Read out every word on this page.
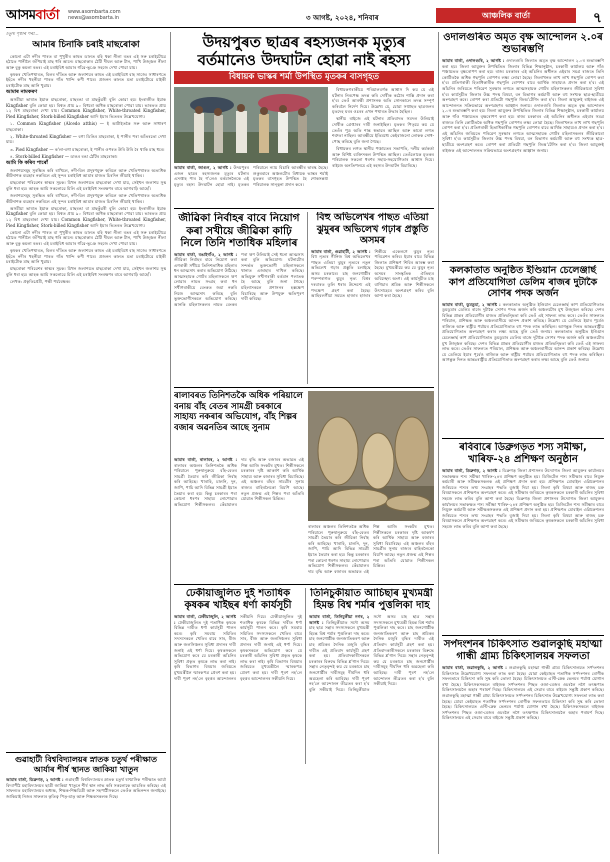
আসমবাৰ্তা www.asombarta.com
news@asombarta.in	৩ আগষ্ট, ২০২৪, শনিবাৰ	আঞ্চলিক বাৰ্তা	৭
চতুৰ্থ পৃষ্ঠাৰ পৰা...
আমাৰ চিনাকি চৰাই মাছৰোকা

কোনো এটা নদীৰ পাৰত বা পুখুৰীৰ কাষত ডালত বহি থকা নীলা ৰঙৰ এই সৰু চৰাইটোৱে হঠাতে পানীলৈ জঁপিয়াই মাছ ধৰি আনে। মাছৰোকাৰ ঠোঁট দীঘল আৰু টান, পাখি উজ্জ্বল নীলা আৰু বুকু কমলা ৰঙৰ। এই চৰাইবিধ আমাৰ গাঁৱে-ভূঞে সহজে দেখা পোৱা যায়।

কৃষকৰ খেতিপথাৰত, বিলৰ দাঁতিত আৰু জলাশয়ৰ কাষত এই চৰাইবিধে বাহ সাজে। সাধাৰণতে ইহঁতে নদীৰ খহনীয়া পাৰত গাঁত খান্দি কণী পাৰে। প্ৰজনন কালত মতা চৰাইটোৱে মাইকী চৰাইটোক মাছ আনি খুৱায়।

আমাৰ নামকৰণ

অসমীয়া ভাষাত ইয়াক মাছৰোকা, মাছৰঙা বা মাছকুঁৱৰী বুলি কোৱা হয়। ইংৰাজীত ইয়াক Kingfisher বুলি কোৱা হয়। বিশ্বত প্ৰায় ৯০ বিধৰো অধিক মাছৰোকা পোৱা যায়। ভাৰতত প্ৰায় ১২ বিধ মাছৰোকা দেখা যায়। Common Kingfisher, White-throated Kingfisher, Pied Kingfisher, Stork-billed Kingfisher আদি ইয়াৰ ভিতৰত উল্লেখযোগ্য।

১. Common Kingfisher (Alcedo atthis) — ই আটাইতকৈ সৰু আৰু সাধাৰণ মাছৰোকা।

২. White-throated Kingfisher — বগা ডিঙিৰ মাছৰোকা, ই পানীৰ পৰা আঁতৰতো দেখা যায়।

৩. Pied Kingfisher — ক'লা-বগা মাছৰোকা, ই পানীৰ ওপৰত উৰি উৰি ৰৈ থাকি মাছ ধৰে।

৪. Stork-billed Kingfisher — ডাঙৰ ৰঙা ঠোঁটৰ মাছৰোকা।

আমি কি কৰিব পাৰোঁ

জলাশয়সমূহ সুৰক্ষিত কৰি ৰাখিলে, নদী-বিল প্ৰদূষণমুক্ত কৰিলে আৰু খেতিপথাৰত অত্যধিক কীটনাশক ব্যৱহাৰ নকৰিলে এই সুন্দৰ চৰাইবিধ আমাৰ মাজত চিৰদিন জীয়াই থাকিব।

মাছৰোকা পৰিৱেশৰ স্বাস্থ্যৰ সূচক। যিখন জলাশয়ত মাছৰোকা দেখা যায়, সেইখন জলাশয় সুস্থ বুলি ধৰা হয়। আহক আমি সকলোৱে মিলি এই চৰাইবিধ সংৰক্ষণৰ বাবে আগবাঢ়ি আহোঁ।

জলাশয়সমূহ সুৰক্ষিত কৰি ৰাখিলে, নদী-বিল প্ৰদূষণমুক্ত কৰিলে আৰু খেতিপথাৰত অত্যধিক কীটনাশক ব্যৱহাৰ নকৰিলে এই সুন্দৰ চৰাইবিধ আমাৰ মাজত চিৰদিন জীয়াই থাকিব।

অসমীয়া ভাষাত ইয়াক মাছৰোকা, মাছৰঙা বা মাছকুঁৱৰী বুলি কোৱা হয়। ইংৰাজীত ইয়াক Kingfisher বুলি কোৱা হয়। বিশ্বত প্ৰায় ৯০ বিধৰো অধিক মাছৰোকা পোৱা যায়। ভাৰতত প্ৰায় ১২ বিধ মাছৰোকা দেখা যায়। Common Kingfisher, White-throated Kingfisher, Pied Kingfisher, Stork-billed Kingfisher আদি ইয়াৰ ভিতৰত উল্লেখযোগ্য।

কোনো এটা নদীৰ পাৰত বা পুখুৰীৰ কাষত ডালত বহি থকা নীলা ৰঙৰ এই সৰু চৰাইটোৱে হঠাতে পানীলৈ জঁপিয়াই মাছ ধৰি আনে। মাছৰোকাৰ ঠোঁট দীঘল আৰু টান, পাখি উজ্জ্বল নীলা আৰু বুকু কমলা ৰঙৰ। এই চৰাইবিধ আমাৰ গাঁৱে-ভূঞে সহজে দেখা পোৱা যায়।

কৃষকৰ খেতিপথাৰত, বিলৰ দাঁতিত আৰু জলাশয়ৰ কাষত এই চৰাইবিধে বাহ সাজে। সাধাৰণতে ইহঁতে নদীৰ খহনীয়া পাৰত গাঁত খান্দি কণী পাৰে। প্ৰজনন কালত মতা চৰাইটোৱে মাইকী চৰাইটোক মাছ আনি খুৱায়।

মাছৰোকা পৰিৱেশৰ স্বাস্থ্যৰ সূচক। যিখন জলাশয়ত মাছৰোকা দেখা যায়, সেইখন জলাশয় সুস্থ বুলি ধৰা হয়। আহক আমি সকলোৱে মিলি এই চৰাইবিধ সংৰক্ষণৰ বাবে আগবাঢ়ি আহোঁ।

লেখক: প্ৰকৃতিপ্ৰেমী, পক্ষী পৰ্যবেক্ষক।

গুৱাহাটী বিশ্ববিদ্যালয়ৰ স্নাতক চতুৰ্থ পৰীক্ষাত আৰ্যাৰ শীৰ্ষ স্থানত জাকিয়া খাতুন
আমাৰ বাৰ্তা, ডিব্ৰুগড়, ২ আগষ্ট : গুৱাহাটী বিশ্ববিদ্যালয়ৰ স্নাতক চতুৰ্থ ষাণ্মাসিক পৰীক্ষাত আৰ্যা বিদ্যাপীঠ মহাবিদ্যালয়ৰ ছাত্ৰী জাকিয়া খাতুনে শীৰ্ষ স্থান লাভ কৰি সকলোকে আচৰিত কৰিছে। এই সাফল্যত মহাবিদ্যালয়ৰ অধ্যক্ষ, শিক্ষক-শিক্ষয়িত্ৰী আৰু সহপাঠীসকলে তেওঁক অভিনন্দন জনাইছে। জাকিয়াই নিজৰ সাফল্যৰ কৃতিত্ব পিতৃ-মাতৃ আৰু শিক্ষকসকলক দিছে।
উদয়পুৰত ছাত্ৰৰ ৰহস্যজনক মৃত্যুৰ বৰ্তমানেও উদঘাটন হোৱা নাই ৰহস্য
বিধায়ক ভাস্কৰ শৰ্মা উপস্থিত মৃতকৰ বাসগৃহত

বিধায়কগৰাকীয়ে পৰিয়ালবৰ্গক আশ্বাস দি কয় যে এই ঘটনাৰ নিৰপেক্ষ তদন্ত কৰি দোষীক কঠোৰ শাস্তি প্ৰদান কৰা হ'ব। তেওঁ আৰক্ষী প্ৰশাসনক অতি সোনকালে তদন্ত সম্পূৰ্ণ কৰিবলৈ নিৰ্দেশ দিয়ে। উল্লেখ্য যে, যোৱা সপ্তাহত ছাত্ৰজনৰ মৃতদেহ ঘৰৰ ওচৰৰ এখন পথাৰত উদ্ধাৰ হৈছিল।

স্থানীয় ৰাইজে এই ঘটনাৰ প্ৰতিবাদত সমদল উলিয়াই দোষীক গ্ৰেপ্তাৰৰ দাবী জনাইছিল। মৃতকৰ পিতৃয়ে কয় যে তেওঁৰ পুত্ৰ অতি শান্ত স্বভাৱৰ আছিল আৰু কাৰো লগত শত্ৰুতা নাছিল। আৰক্ষীয়ে ইতিমধ্যে কেইবাজনো লোকক সোধ-পোছ কৰিছে বুলি জনা গৈছে।

বিধায়কৰ লগত স্থানীয় পঞ্চায়তৰ সভাপতি, দলীয় কৰ্মকৰ্তা আৰু বিশিষ্ট ব্যক্তিসকল উপস্থিত আছিল। তেওঁলোকে মৃতকৰ পৰিয়ালক সকলো ধৰণৰ সহায়-সহযোগিতাৰ আশ্বাস দিয়ে। ৰাইজে অনতিপলমে এই ৰহস্যৰ উদঘাটন বিচাৰিছে।

আমাৰ বাৰ্তা, জাগুন, ২ আগষ্ট : উদয়পুৰৰ এজন ছাত্ৰৰ ৰহস্যজনক মৃত্যুৰ ঘটনাৰ এসপ্তাহ পাৰ হৈ গ'লেও বৰ্তমানলৈকে এই মৃত্যুৰ ৰহস্য উদঘাটন হোৱা নাই। মৃতকৰ পৰিয়ালে ন্যায় বিচাৰি আৰক্ষীৰ দ্বাৰস্থ হৈছে। শুকুৰবাৰে অঞ্চলটোৰ বিধায়ক ভাস্কৰ শৰ্মাই মৃতকৰ বাসগৃহত উপস্থিত হৈ শোকসন্তপ্ত পৰিয়ালক সান্ত্বনা প্ৰদান কৰে।
জীৱিকা নিৰ্বাহৰ বাবে নিয়োগ কৰা সখীয়ে জীৱিকা কাঢ়ি নিলে তিনি শতাধিক মহিলাৰ
আমাৰ বাৰ্তা, বঙাইগাঁও, ২ আগষ্ট : জীৱিকা নিৰ্বাহৰ বাবে নিয়োগ কৰা এগৰাকী সখীয়ে তিনিশতাধিক মহিলাৰ ধন আত্মসাৎ কৰাৰ অভিযোগ উঠিছে। আত্মসহায়ক গোটৰ মহিলাসকলে ঋণ লোৱাৰ নামত সংগ্ৰহ কৰা ধন সখীগৰাকীয়ে বেংকত জমা নকৰি নিজে আত্মসাৎ কৰিছে বুলি ভুক্তভোগীসকলে অভিযোগ কৰিছে। আনকি মহিলাসকলৰ নামত বেংকৰ পৰা ঋণ উলিয়াই সেই ধনো আত্মসাৎ কৰা বুলি অভিযোগ। ঘটনাটোৰ সন্দৰ্ভত ভুক্তভোগী মহিলাসকলে থানাত এজাহাৰ দাখিল কৰিছে। অভিযুক্ত সখীগৰাকী বৰ্তমান পলাতক হৈ আছে বুলি জনা গৈছে। মহিলাসকলে প্ৰশাসনৰ হস্তক্ষেপ বিচাৰিছে আৰু উপযুক্ত ক্ষতিপূৰণ দাবী কৰিছে।
বিহু অভিলেখৰ পাছত এতিয়া ঝুমুৰৰ অভিলেখ গঢ়াৰ প্ৰস্তুতি অসমৰ
আমাৰ বাৰ্তা, গুৱাহাটী, ২ আগষ্ট : বিহু নৃত্যৰ গীনিজ বিশ্ব অভিলেখৰ পাছত এতিয়া ঝুমুৰ নৃত্যৰে নতুন অভিলেখ গঢ়াৰ প্ৰস্তুতি চলাইছে অসম চৰকাৰে। চাহ জনগোষ্ঠীৰ পৰম্পৰাগত ঝুমুৰ নৃত্য বিশ্বৰ দৰবাৰত তুলি ধৰাৰ উদ্দেশ্যে এই পদক্ষেপ গ্ৰহণ কৰা হৈছে। আহিবলগীয়া সময়ত হাজাৰ হাজাৰ শিল্পীয়ে একেলগে ঝুমুৰ নৃত্য পৰিৱেশন কৰিব। ইয়াৰ বাবে বিভিন্ন জিলাত প্ৰশিক্ষণ শিবিৰ আৰম্ভ কৰা হৈছে। মুখ্যমন্ত্ৰীয়ে কয় যে ঝুমুৰ নৃত্য অসমৰ সাংস্কৃতিক ঐতিহ্যৰ অবিচ্ছেদ্য অংগ। এই কাৰ্যসূচীত চাহ বাগিচাৰ শ্ৰমিক আৰু শিল্পীসকলে উৎসাহেৰে অংশগ্ৰহণ কৰিব বুলি আশা কৰা হৈছে।
ৰালাবৰত তিনিশতকৈ অধিক পৰিয়ালে বনায় বাঁহ বেতৰ সামগ্ৰী চৰকাৰে সাহায্য নকৰাৰ অভিযোগ, বাঁহ শিল্পৰ বজাৰ অৱনতিৰ আছে সুনাম
আমাৰ বাৰ্তা, ৰালাবৰ, ২ আগষ্ট : ৰালাবৰ অঞ্চলৰ তিনিশতকৈ অধিক পৰিয়ালে পুৰুষানুক্ৰমে বাঁহ-বেতৰ সামগ্ৰী তৈয়াৰ কৰি জীৱিকা নিৰ্বাহ কৰি আহিছে। খাৰাহি, চালনি, দুন, জাপি, পাচি আদি বিভিন্ন সামগ্ৰী ইয়াত তৈয়াৰ কৰা হয়। কিন্তু চৰকাৰৰ পৰা কোনো ধৰণৰ সাহায্য নোপোৱাৰ অভিযোগ শিল্পীসকলৰ। কেঁচামালৰ দাম বৃদ্ধি আৰু বজাৰৰ অভাৱত এই শিল্প আজি সংকটৰ মুখত। শিল্পীসকলে চৰকাৰৰ দৃষ্টি আকৰ্ষণ কৰি আৰ্থিক সাহায্য আৰু বজাৰৰ সুবিধা বিচাৰিছে। এই অঞ্চলৰ বাঁহৰ সামগ্ৰীৰ সুনাম ৰাজ্যৰ বাহিৰলৈকো বিয়পি আছে। নতুন প্ৰজন্ম এই শিল্পৰ পৰা আঁতৰি যোৱাত শিল্পীসকল চিন্তিত।
ৰালাবৰ অঞ্চলৰ তিনিশতকৈ অধিক পৰিয়ালে পুৰুষানুক্ৰমে বাঁহ-বেতৰ সামগ্ৰী তৈয়াৰ কৰি জীৱিকা নিৰ্বাহ কৰি আহিছে। খাৰাহি, চালনি, দুন, জাপি, পাচি আদি বিভিন্ন সামগ্ৰী ইয়াত তৈয়াৰ কৰা হয়। কিন্তু চৰকাৰৰ পৰা কোনো ধৰণৰ সাহায্য নোপোৱাৰ অভিযোগ শিল্পীসকলৰ। কেঁচামালৰ দাম বৃদ্ধি আৰু বজাৰৰ অভাৱত এই শিল্প আজি সংকটৰ মুখত। শিল্পীসকলে চৰকাৰৰ দৃষ্টি আকৰ্ষণ কৰি আৰ্থিক সাহায্য আৰু বজাৰৰ সুবিধা বিচাৰিছে। এই অঞ্চলৰ বাঁহৰ সামগ্ৰীৰ সুনাম ৰাজ্যৰ বাহিৰলৈকো বিয়পি আছে। নতুন প্ৰজন্ম এই শিল্পৰ পৰা আঁতৰি যোৱাত শিল্পীসকল চিন্তিত।
ঢেকীয়াজুলিত দুই শতাধিক কৃষকৰ খাইছৰ ধৰ্ণা কাৰ্যসূচী
আমাৰ বাৰ্তা, ঢেকীয়াজুলি, ২ আগষ্ট : ঢেকীয়াজুলিত দুই শতাধিক কৃষকে বিভিন্ন দাবীত ধৰ্ণা কাৰ্যসূচী পালন কৰে। কৃষি সমবায় সমিতিৰ সদস্যসকলে খেতিৰ বাবে সাৰ, বীজ আৰু জলসিঞ্চনৰ সুবিধা প্ৰদানৰ দাবী জনাই এই ধৰ্ণা দিয়ে। কৃষকসকলে অভিযোগ কৰে যে চৰকাৰী আঁচনিৰ সুবিধা প্ৰকৃত কৃষকে লাভ কৰা নাই। কৃষি বিভাগৰ বিষয়াৰ জৰিয়তে মুখ্যমন্ত্ৰীলৈ স্মাৰকপত্ৰ প্ৰেৰণ কৰা হয়। দাবী পূৰণ নহ'লে বৃহত্তৰ আন্দোলনৰ সকীয়নি দিয়ে। ঢেকীয়াজুলিত দুই শতাধিক কৃষকে বিভিন্ন দাবীত ধৰ্ণা কাৰ্যসূচী পালন কৰে। কৃষি সমবায় সমিতিৰ সদস্যসকলে খেতিৰ বাবে সাৰ, বীজ আৰু জলসিঞ্চনৰ সুবিধা প্ৰদানৰ দাবী জনাই এই ধৰ্ণা দিয়ে। কৃষকসকলে অভিযোগ কৰে যে চৰকাৰী আঁচনিৰ সুবিধা প্ৰকৃত কৃষকে লাভ কৰা নাই। কৃষি বিভাগৰ বিষয়াৰ জৰিয়তে মুখ্যমন্ত্ৰীলৈ স্মাৰকপত্ৰ প্ৰেৰণ কৰা হয়। দাবী পূৰণ নহ'লে বৃহত্তৰ আন্দোলনৰ সকীয়নি দিয়ে।
তিনিচুকীয়াত আচিছাৰ মুখ্যমন্ত্ৰী হিমন্ত বিশ্ব শৰ্মাৰ পুত্তলিকা দাহ
আমাৰ বাৰ্তা, তিনিচুকীয়া নগৰ, ২ আগষ্ট : তিনিচুকীয়াত সদৌ অসম চাহ ছাত্ৰ সন্থাৰ সদস্যসকলে মুখ্যমন্ত্ৰী হিমন্ত বিশ্ব শৰ্মাৰ পুত্তলিকা দাহ কৰে। চাহ জনগোষ্ঠীক জনজাতিকৰণ আৰু চাহ শ্ৰমিকৰ দৈনিক মজুৰি বৃদ্ধিৰ দাবীত এই প্ৰতিবাদ কাৰ্যসূচী গ্ৰহণ কৰা হয়। প্ৰতিবাদকাৰীসকলে চৰকাৰৰ বিৰুদ্ধে বিভিন্ন শ্ল'গান দিয়ে। সন্থাৰ নেতৃবৃন্দই কয় যে চৰকাৰে চাহ জনগোষ্ঠীৰ দাবীসমূহ দীৰ্ঘদিন ধৰি অৱহেলা কৰি আহিছে। দাবী পূৰণ নহ'লে আন্দোলন তীব্ৰতৰ কৰা হ'ব বুলি সকীয়াই দিয়ে। তিনিচুকীয়াত সদৌ অসম চাহ ছাত্ৰ সন্থাৰ সদস্যসকলে মুখ্যমন্ত্ৰী হিমন্ত বিশ্ব শৰ্মাৰ পুত্তলিকা দাহ কৰে। চাহ জনগোষ্ঠীক জনজাতিকৰণ আৰু চাহ শ্ৰমিকৰ দৈনিক মজুৰি বৃদ্ধিৰ দাবীত এই প্ৰতিবাদ কাৰ্যসূচী গ্ৰহণ কৰা হয়। প্ৰতিবাদকাৰীসকলে চৰকাৰৰ বিৰুদ্ধে বিভিন্ন শ্ল'গান দিয়ে। সন্থাৰ নেতৃবৃন্দই কয় যে চৰকাৰে চাহ জনগোষ্ঠীৰ দাবীসমূহ দীৰ্ঘদিন ধৰি অৱহেলা কৰি আহিছে। দাবী পূৰণ নহ'লে আন্দোলন তীব্ৰতৰ কৰা হ'ব বুলি সকীয়াই দিয়ে।
ওদালগুৰিত অমৃত বৃক্ষ আন্দোলন ২.০ৰ শুভাৰম্ভণি
আমাৰ বাৰ্তা, ওদালগুৰি, ২ আগষ্ট : ওদালগুৰি জিলাত অমৃত বৃক্ষ আন্দোলন ২.০ৰ শুভাৰম্ভণি কৰা হয়। জিলা আয়ুক্তৰ উপস্থিতিত জিলাৰ বিভিন্ন শিক্ষানুষ্ঠান, চৰকাৰী কাৰ্যালয় আৰু গাঁও পঞ্চায়তত বৃক্ষৰোপণ কৰা হয়। ৰাজ্য চৰকাৰৰ এই আঁচনিৰ অধীনত এইবাৰ সমগ্ৰ ৰাজ্যত তিনি কোটিতকৈ অধিক গছপুলি ৰোপণৰ লক্ষ্য লোৱা হৈছে। জিলাখনত লাখ লাখ গছপুলি ৰোপণ কৰা হ'ব। প্ৰতিগৰাকী হিতাধিকাৰীক গছপুলি ৰোপণৰ বাবে আৰ্থিক সাহায্যও প্ৰদান কৰা হ'ব। এই আঁচনিৰ জৰিয়তে পৰিৱেশ সুৰক্ষাৰ লগতে আত্মসহায়ক গোটৰ মহিলাসকলৰ জীৱিকাৰো সুবিধা হ'ব। কাৰ্যসূচীত জিলাৰ উচ্চ পদস্থ বিষয়া, বন বিভাগৰ কৰ্মচাৰী আৰু বহু সংখ্যক ছাত্ৰ-ছাত্ৰীয়ে অংশগ্ৰহণ কৰে। ৰোপণ কৰা প্ৰতিটো গছপুলি জিঅ'টেগিং কৰা হ'ব। জিলা আয়ুক্তই ৰাইজক এই আন্দোলনত সক্ৰিয়ভাৱে অংশগ্ৰহণৰ আহ্বান জনায়। ওদালগুৰি জিলাত অমৃত বৃক্ষ আন্দোলন ২.০ৰ শুভাৰম্ভণি কৰা হয়। জিলা আয়ুক্তৰ উপস্থিতিত জিলাৰ বিভিন্ন শিক্ষানুষ্ঠান, চৰকাৰী কাৰ্যালয় আৰু গাঁও পঞ্চায়তত বৃক্ষৰোপণ কৰা হয়। ৰাজ্য চৰকাৰৰ এই আঁচনিৰ অধীনত এইবাৰ সমগ্ৰ ৰাজ্যত তিনি কোটিতকৈ অধিক গছপুলি ৰোপণৰ লক্ষ্য লোৱা হৈছে। জিলাখনত লাখ লাখ গছপুলি ৰোপণ কৰা হ'ব। প্ৰতিগৰাকী হিতাধিকাৰীক গছপুলি ৰোপণৰ বাবে আৰ্থিক সাহায্যও প্ৰদান কৰা হ'ব। এই আঁচনিৰ জৰিয়তে পৰিৱেশ সুৰক্ষাৰ লগতে আত্মসহায়ক গোটৰ মহিলাসকলৰ জীৱিকাৰো সুবিধা হ'ব। কাৰ্যসূচীত জিলাৰ উচ্চ পদস্থ বিষয়া, বন বিভাগৰ কৰ্মচাৰী আৰু বহু সংখ্যক ছাত্ৰ-ছাত্ৰীয়ে অংশগ্ৰহণ কৰে। ৰোপণ কৰা প্ৰতিটো গছপুলি জিঅ'টেগিং কৰা হ'ব। জিলা আয়ুক্তই ৰাইজক এই আন্দোলনত সক্ৰিয়ভাৱে অংশগ্ৰহণৰ আহ্বান জনায়।
কলকাতাত অনুষ্ঠিত ইণ্ডিয়ান চেলেঞ্জাৰ্ছ কাপ প্ৰতিযোগিতা ডেলিম ৰাজৰ দুটাকৈ সোণৰ পদক অৰ্জন
আমাৰ বাৰ্তা, ডুমডুমা, ২ আগষ্ট : কলকাতাত অনুষ্ঠিত ইণ্ডিয়ান চেলেঞ্জাৰ্ছ কাপ প্ৰতিযোগিতাত ডুমডুমাৰ ডেলিম ৰাজে দুটাকৈ সোণৰ পদক অৰ্জন কৰি অঞ্চলটোৰ মুখ উজ্জ্বল কৰিছে। দেশৰ বিভিন্ন প্ৰান্তৰ প্ৰতিযোগীৰ মাজত প্ৰতিদ্বন্দ্বিতা কৰি তেওঁ এই সাফল্য লাভ কৰে। তেওঁৰ সাফল্যত পৰিয়াল, প্ৰশিক্ষক আৰু অঞ্চলবাসীয়ে আনন্দ প্ৰকাশ কৰিছে। উল্লেখ্য যে ডেলিমে ইয়াৰ পূৰ্বেও ৰাজ্যিক আৰু ৰাষ্ট্ৰীয় পৰ্যায়ৰ প্ৰতিযোগিতাত বহু পদক লাভ কৰিছিল। আগন্তুক দিনত আন্তঃৰাষ্ট্ৰীয় প্ৰতিযোগিতাত অংশগ্ৰহণ কৰাৰ লক্ষ্য আছে বুলি তেওঁ জনায়। কলকাতাত অনুষ্ঠিত ইণ্ডিয়ান চেলেঞ্জাৰ্ছ কাপ প্ৰতিযোগিতাত ডুমডুমাৰ ডেলিম ৰাজে দুটাকৈ সোণৰ পদক অৰ্জন কৰি অঞ্চলটোৰ মুখ উজ্জ্বল কৰিছে। দেশৰ বিভিন্ন প্ৰান্তৰ প্ৰতিযোগীৰ মাজত প্ৰতিদ্বন্দ্বিতা কৰি তেওঁ এই সাফল্য লাভ কৰে। তেওঁৰ সাফল্যত পৰিয়াল, প্ৰশিক্ষক আৰু অঞ্চলবাসীয়ে আনন্দ প্ৰকাশ কৰিছে। উল্লেখ্য যে ডেলিমে ইয়াৰ পূৰ্বেও ৰাজ্যিক আৰু ৰাষ্ট্ৰীয় পৰ্যায়ৰ প্ৰতিযোগিতাত বহু পদক লাভ কৰিছিল। আগন্তুক দিনত আন্তঃৰাষ্ট্ৰীয় প্ৰতিযোগিতাত অংশগ্ৰহণ কৰাৰ লক্ষ্য আছে বুলি তেওঁ জনায়।
ৰবিবাৰে ডিব্ৰুগড়ত শস্য সমীক্ষা, খাৰিফ-২৪ প্ৰশিক্ষণ অনুষ্ঠান
আমাৰ বাৰ্তা, ডিব্ৰুগড়, ২ আগষ্ট : ডিব্ৰুগড় জিলা প্ৰশাসনৰ উদ্যোগত জিলা আয়ুক্তৰ কাৰ্যালয়ৰ সভাকক্ষত শস্য সমীক্ষা খাৰিফ-২৪ৰ প্ৰশিক্ষণ অনুষ্ঠিত হয়। ডিজিটেল শস্য সমীক্ষাৰ বাবে নিযুক্ত কৰ্মচাৰী আৰু সমীক্ষকসকলক এই প্ৰশিক্ষণ প্ৰদান কৰা হয়। প্ৰশিক্ষণত মোবাইল এপ্লিকেশ্যনৰ জৰিয়তে শস্যৰ তথ্য সংগ্ৰহৰ পদ্ধতি বুজাই দিয়া হয়। জিলা কৃষি বিষয়া আৰু ৰাজহ চক্ৰ বিষয়াসকলে প্ৰশিক্ষণত অংশগ্ৰহণ কৰে। এই সমীক্ষাৰ জৰিয়তে কৃষকসকলে চৰকাৰী আঁচনিৰ সুবিধা সহজে লাভ কৰিব বুলি আশা কৰা হৈছে। ডিব্ৰুগড় জিলা প্ৰশাসনৰ উদ্যোগত জিলা আয়ুক্তৰ কাৰ্যালয়ৰ সভাকক্ষত শস্য সমীক্ষা খাৰিফ-২৪ৰ প্ৰশিক্ষণ অনুষ্ঠিত হয়। ডিজিটেল শস্য সমীক্ষাৰ বাবে নিযুক্ত কৰ্মচাৰী আৰু সমীক্ষকসকলক এই প্ৰশিক্ষণ প্ৰদান কৰা হয়। প্ৰশিক্ষণত মোবাইল এপ্লিকেশ্যনৰ জৰিয়তে শস্যৰ তথ্য সংগ্ৰহৰ পদ্ধতি বুজাই দিয়া হয়। জিলা কৃষি বিষয়া আৰু ৰাজহ চক্ৰ বিষয়াসকলে প্ৰশিক্ষণত অংশগ্ৰহণ কৰে। এই সমীক্ষাৰ জৰিয়তে কৃষকসকলে চৰকাৰী আঁচনিৰ সুবিধা সহজে লাভ কৰিব বুলি আশা কৰা হৈছে।
সৰ্পদংশনৰ চিকিৎসাত শুৱালকুছি মহাত্মা গান্ধী গ্ৰাম্য চিকিৎসালয়ৰ সফলতা
আমাৰ বাৰ্তা, শুৱালকুছি, ২ আগষ্ট : শুৱালকুছি মহাত্মা গান্ধী গ্ৰাম্য চিকিৎসালয়ত সৰ্পদংশনৰ চিকিৎসাত উল্লেখযোগ্য সফলতা লাভ কৰা হৈছে। যোৱা কেইমাহত শতাধিক সৰ্পদংশনৰ ৰোগীক সফলতাৰে চিকিৎসা কৰি সুস্থ কৰি তোলা হৈছে। চিকিৎসালয়ত এণ্টি-স্নেক ভেনমৰ পৰ্যাপ্ত যোগান ৰখা হৈছে। চিকিৎসকসকলে ৰাইজক সৰ্পদংশনৰ পিছত ওজা-বেজৰ ওচৰলৈ নগৈ তৎক্ষণাত চিকিৎসালয়লৈ অহাৰ পৰামৰ্শ দিছে। চিকিৎসালয়ৰ এই সেৱাৰ বাবে ৰাইজে সন্তুষ্টি প্ৰকাশ কৰিছে। শুৱালকুছি মহাত্মা গান্ধী গ্ৰাম্য চিকিৎসালয়ত সৰ্পদংশনৰ চিকিৎসাত উল্লেখযোগ্য সফলতা লাভ কৰা হৈছে। যোৱা কেইমাহত শতাধিক সৰ্পদংশনৰ ৰোগীক সফলতাৰে চিকিৎসা কৰি সুস্থ কৰি তোলা হৈছে। চিকিৎসালয়ত এণ্টি-স্নেক ভেনমৰ পৰ্যাপ্ত যোগান ৰখা হৈছে। চিকিৎসকসকলে ৰাইজক সৰ্পদংশনৰ পিছত ওজা-বেজৰ ওচৰলৈ নগৈ তৎক্ষণাত চিকিৎসালয়লৈ অহাৰ পৰামৰ্শ দিছে। চিকিৎসালয়ৰ এই সেৱাৰ বাবে ৰাইজে সন্তুষ্টি প্ৰকাশ কৰিছে।
